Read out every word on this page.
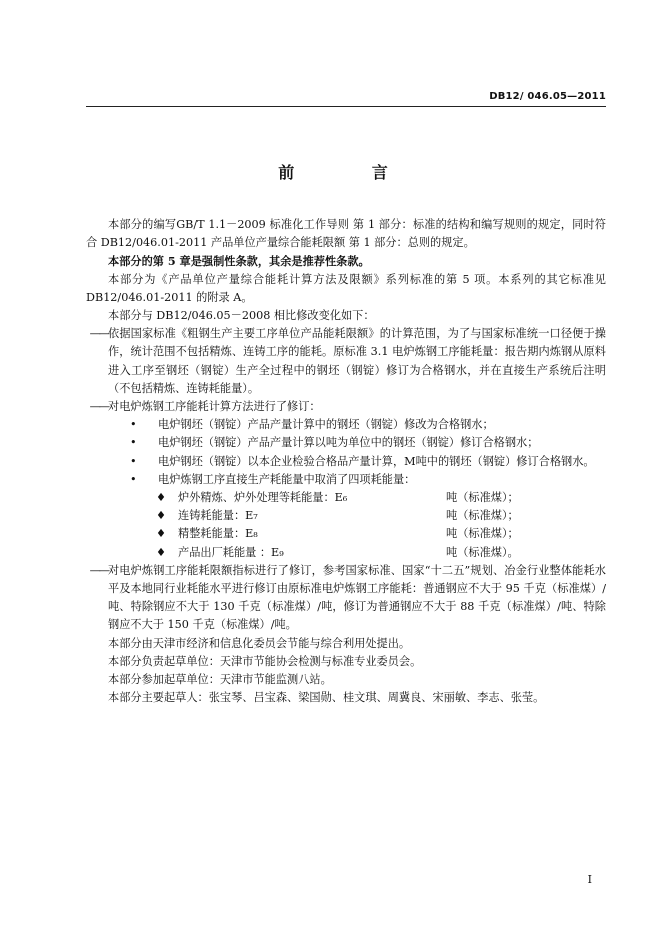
DB12/ 046.05—2011
前 言

本部分的编写GB/T 1.1－2009 标准化工作导则 第 1 部分：标准的结构和编写规则的规定，同时符合 DB12/046.01-2011 产品单位产量综合能耗限额 第 1 部分：总则的规定。

本部分的第 5 章是强制性条款，其余是推荐性条款。

本部分为《产品单位产量综合能耗计算方法及限额》系列标准的第 5 项。本系列的其它标准见DB12/046.01-2011 的附录 A。

本部分与 DB12/046.05－2008 相比修改变化如下：

—— 依据国家标准《粗钢生产主要工序单位产品能耗限额》的计算范围，为了与国家标准统一口径便于操作，统计范围不包括精炼、连铸工序的能耗。原标准 3.1 电炉炼钢工序能耗量：报告期内炼钢从原料进入工序至钢坯（钢锭）生产全过程中的钢坯（钢锭）修订为合格钢水，并在直接生产系统后注明（不包括精炼、连铸耗能量）。
—— 对电炉炼钢工序能耗计算方法进行了修订：
•	电炉钢坯（钢锭）产品产量计算中的钢坯（钢锭）修改为合格钢水；
•	电炉钢坯（钢锭）产品产量计算以吨为单位中的钢坯（钢锭）修订合格钢水；
•	电炉钢坯（钢锭）以本企业检验合格品产量计算，M吨中的钢坯（钢锭）修订合格钢水。
•	电炉炼钢工序直接生产耗能量中取消了四项耗能量：
♦	炉外精炼、炉外处理等耗能量：E₆	吨（标准煤）；
♦	连铸耗能量：E₇	吨（标准煤）；
♦	精整耗能量：E₈	吨（标准煤）；
♦	产品出厂耗能量 ：E₉	吨（标准煤）。
—— 对电炉炼钢工序能耗限额指标进行了修订，参考国家标准、国家“十二五”规划、冶金行业整体能耗水平及本地同行业耗能水平进行修订由原标准电炉炼钢工序能耗：普通钢应不大于 95 千克（标准煤）/吨、特除钢应不大于 130 千克（标准煤）/吨，修订为普通钢应不大于 88 千克（标准煤）/吨、特除钢应不大于 150 千克（标准煤）/吨。

本部分由天津市经济和信息化委员会节能与综合利用处提出。

本部分负责起草单位：天津市节能协会检测与标准专业委员会。

本部分参加起草单位：天津市节能监测八站。

本部分主要起草人：张宝琴、吕宝森、梁国勋、桂文琪、周冀良、宋丽敏、李志、张莹。

I
